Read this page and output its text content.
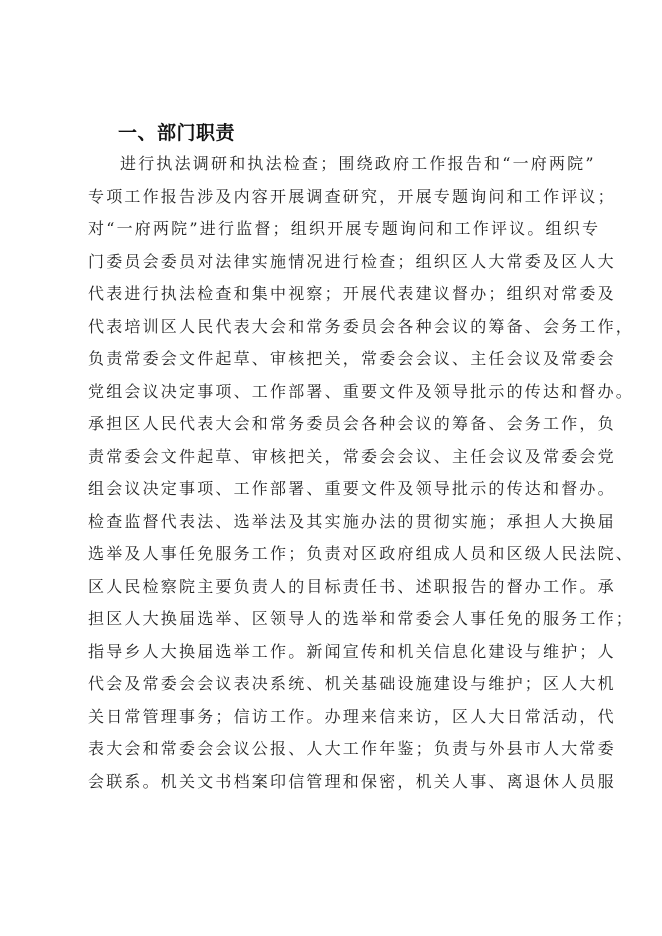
一、部门职责
进行执法调研和执法检查；围绕政府工作报告和“一府两院”
专项工作报告涉及内容开展调查研究，开展专题询问和工作评议；
对“一府两院”进行监督；组织开展专题询问和工作评议。组织专
门委员会委员对法律实施情况进行检查；组织区人大常委及区人大
代表进行执法检查和集中视察；开展代表建议督办；组织对常委及
代表培训区人民代表大会和常务委员会各种会议的筹备、会务工作，
负责常委会文件起草、审核把关，常委会会议、主任会议及常委会
党组会议决定事项、工作部署、重要文件及领导批示的传达和督办。
承担区人民代表大会和常务委员会各种会议的筹备、会务工作，负
责常委会文件起草、审核把关，常委会会议、主任会议及常委会党
组会议决定事项、工作部署、重要文件及领导批示的传达和督办。
检查监督代表法、选举法及其实施办法的贯彻实施；承担人大换届
选举及人事任免服务工作；负责对区政府组成人员和区级人民法院、
区人民检察院主要负责人的目标责任书、述职报告的督办工作。承
担区人大换届选举、区领导人的选举和常委会人事任免的服务工作；
指导乡人大换届选举工作。新闻宣传和机关信息化建设与维护；人
代会及常委会会议表决系统、机关基础设施建设与维护；区人大机
关日常管理事务；信访工作。办理来信来访，区人大日常活动，代
表大会和常委会会议公报、人大工作年鉴；负责与外县市人大常委
会联系。机关文书档案印信管理和保密，机关人事、离退休人员服
